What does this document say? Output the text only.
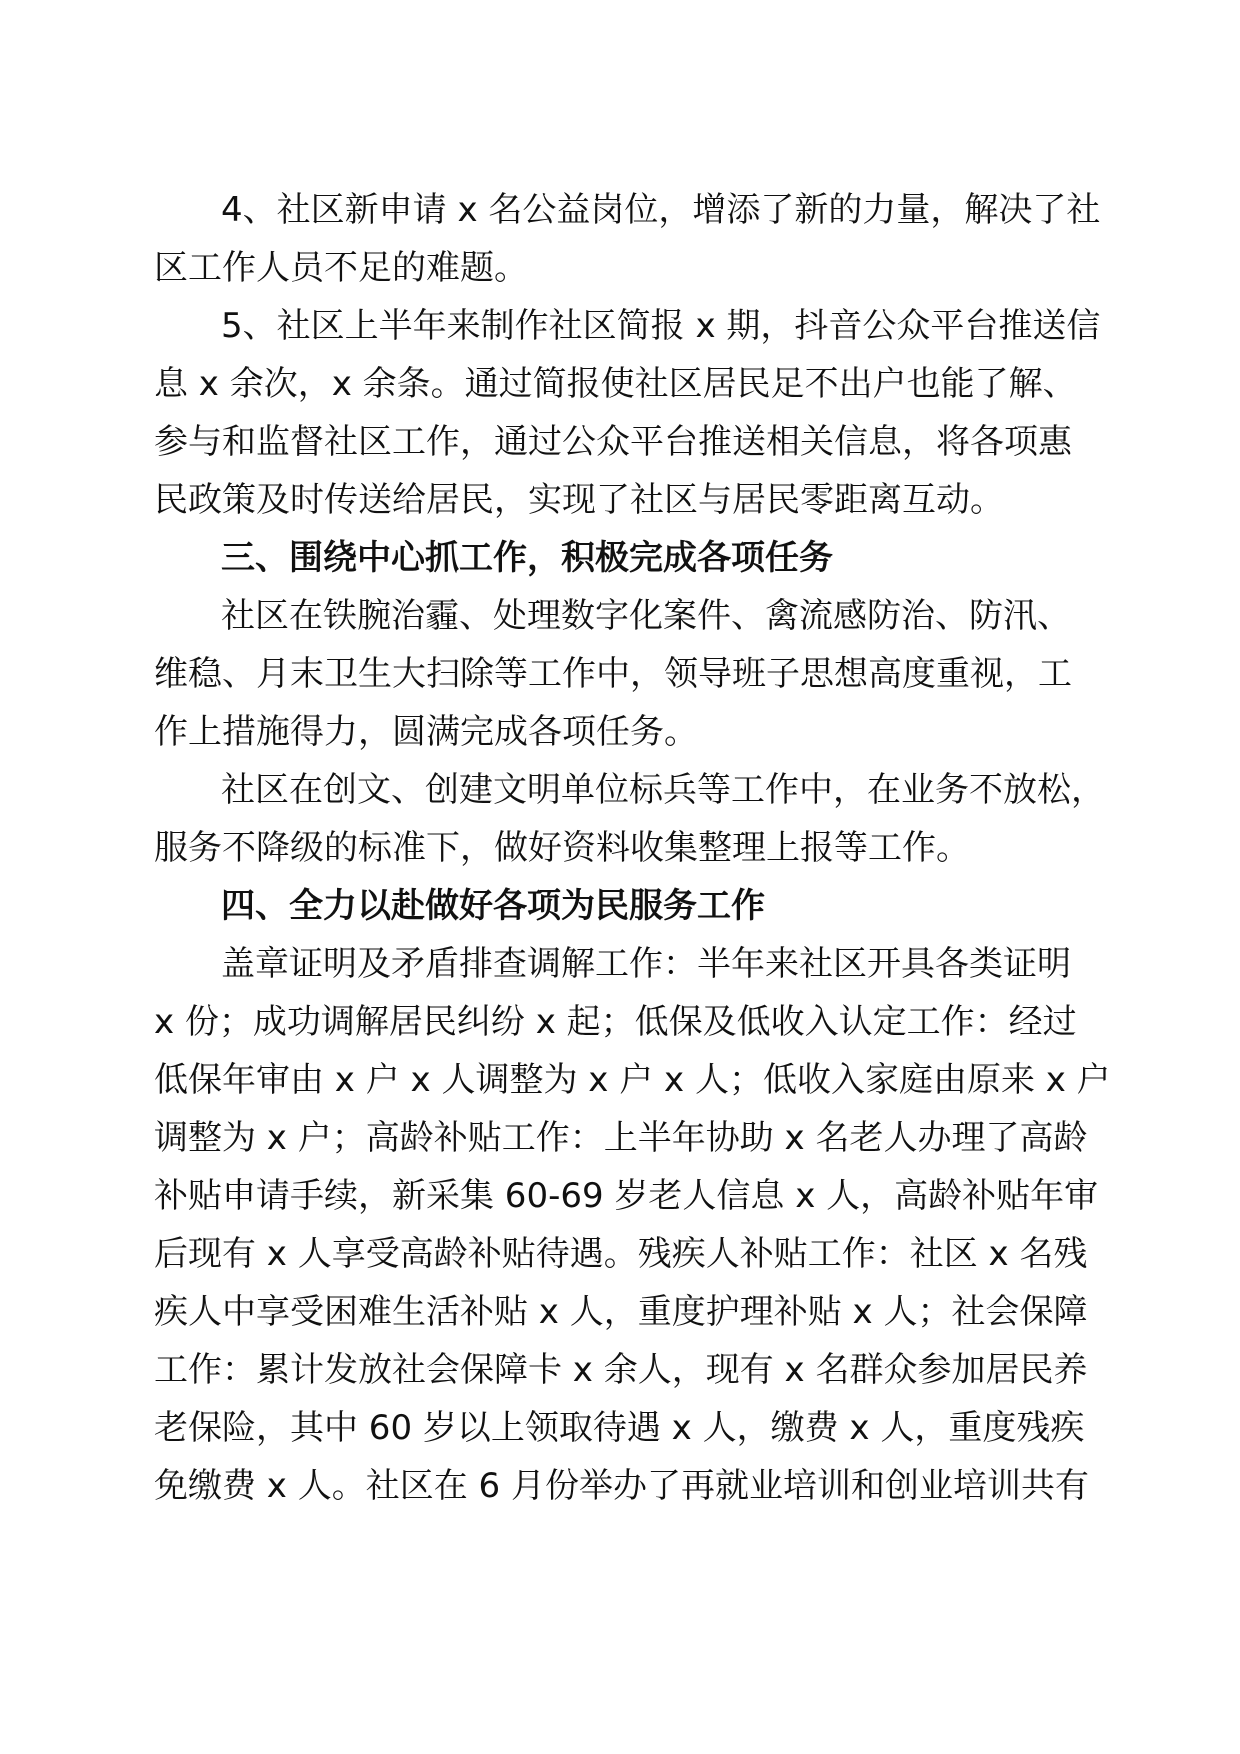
4、社区新申请 x 名公益岗位，增添了新的力量，解决了社
区工作人员不足的难题。
5、社区上半年来制作社区简报 x 期，抖音公众平台推送信
息 x 余次，x 余条。通过简报使社区居民足不出户也能了解、
参与和监督社区工作，通过公众平台推送相关信息，将各项惠
民政策及时传送给居民，实现了社区与居民零距离互动。
三、围绕中心抓工作，积极完成各项任务
社区在铁腕治霾、处理数字化案件、禽流感防治、防汛、
维稳、月末卫生大扫除等工作中，领导班子思想高度重视，工
作上措施得力，圆满完成各项任务。
社区在创文、创建文明单位标兵等工作中，在业务不放松，
服务不降级的标准下，做好资料收集整理上报等工作。
四、全力以赴做好各项为民服务工作
盖章证明及矛盾排查调解工作：半年来社区开具各类证明
x 份；成功调解居民纠纷 x 起；低保及低收入认定工作：经过
低保年审由 x 户 x 人调整为 x 户 x 人；低收入家庭由原来 x 户
调整为 x 户；高龄补贴工作：上半年协助 x 名老人办理了高龄
补贴申请手续，新采集 60-69 岁老人信息 x 人，高龄补贴年审
后现有 x 人享受高龄补贴待遇。残疾人补贴工作：社区 x 名残
疾人中享受困难生活补贴 x 人，重度护理补贴 x 人；社会保障
工作：累计发放社会保障卡 x 余人，现有 x 名群众参加居民养
老保险，其中 60 岁以上领取待遇 x 人，缴费 x 人，重度残疾
免缴费 x 人。社区在 6 月份举办了再就业培训和创业培训共有
